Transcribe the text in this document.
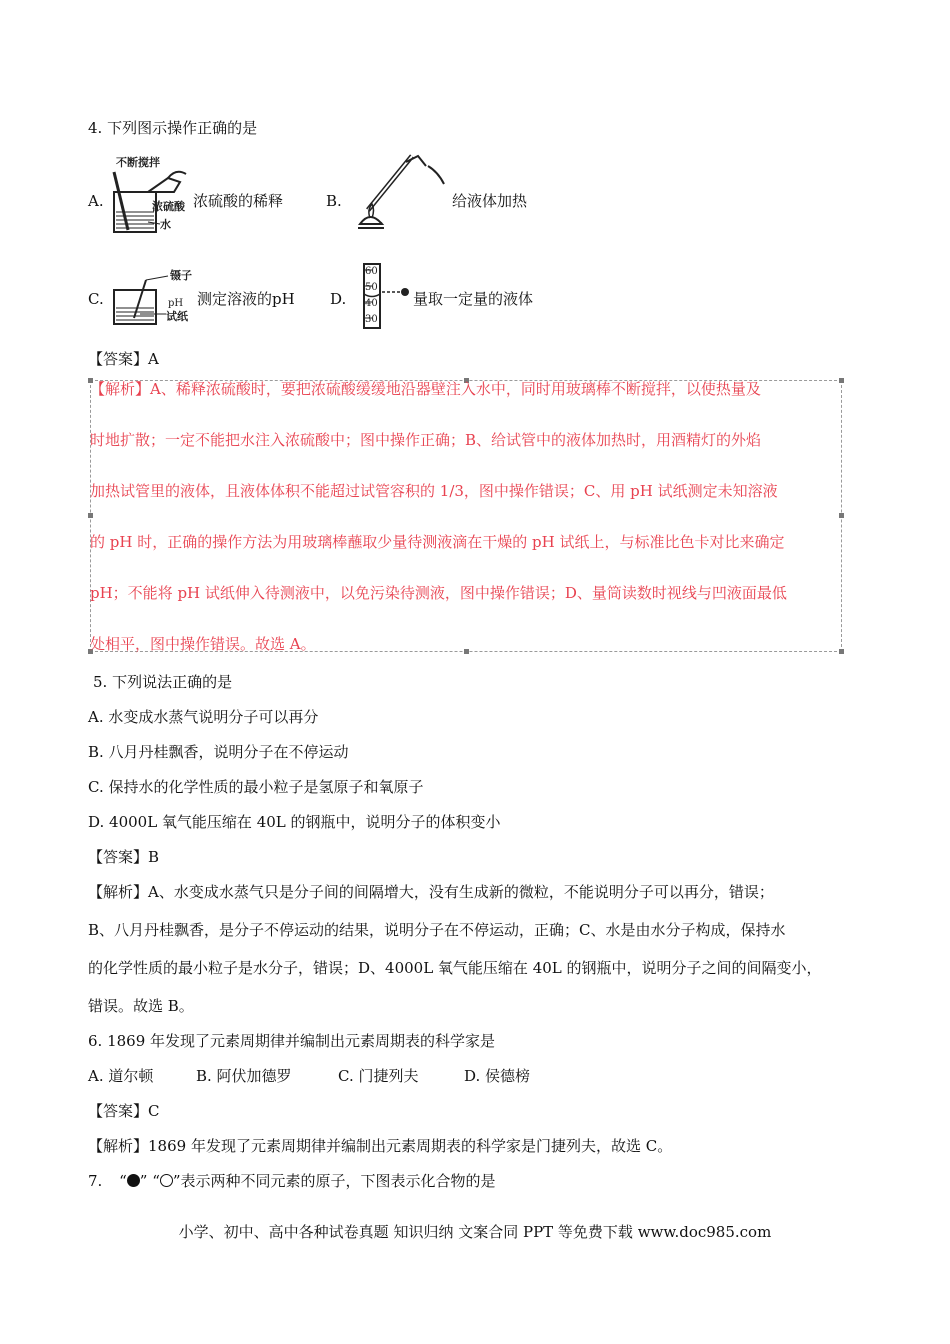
4. 下列图示操作正确的是
A.
不断搅拌
浓硫酸
水
浓硫酸的稀释	B.	给液体加热
C.
镊子
pH
试纸
测定溶液的pH D.
60
50
40
30
量取一定量的液体
【答案】A
【解析】A、稀释浓硫酸时，要把浓硫酸缓缓地沿器壁注入水中，同时用玻璃棒不断搅拌，以使热量及
时地扩散；一定不能把水注入浓硫酸中；图中操作正确；B、给试管中的液体加热时，用酒精灯的外焰
加热试管里的液体，且液体体积不能超过试管容积的 1/3，图中操作错误；C、用 pH 试纸测定未知溶液
的 pH 时，正确的操作方法为用玻璃棒蘸取少量待测液滴在干燥的 pH 试纸上，与标准比色卡对比来确定
pH；不能将 pH 试纸伸入待测液中，以免污染待测液，图中操作错误；D、量筒读数时视线与凹液面最低
处相平，图中操作错误。故选 A。
5. 下列说法正确的是
A. 水变成水蒸气说明分子可以再分
B. 八月丹桂飘香，说明分子在不停运动
C. 保持水的化学性质的最小粒子是氢原子和氧原子
D. 4000L 氧气能压缩在 40L 的钢瓶中，说明分子的体积变小
【答案】B
【解析】A、水变成水蒸气只是分子间的间隔增大，没有生成新的微粒，不能说明分子可以再分，错误；
B、八月丹桂飘香，是分子不停运动的结果，说明分子在不停运动，正确；C、水是由水分子构成，保持水
的化学性质的最小粒子是水分子，错误；D、4000L 氧气能压缩在 40L 的钢瓶中，说明分子之间的间隔变小，
错误。故选 B。
6. 1869 年发现了元素周期律并编制出元素周期表的科学家是
A. 道尔顿	B. 阿伏加德罗	C. 门捷列夫	D. 侯德榜
【答案】C
【解析】1869 年发现了元素周期律并编制出元素周期表的科学家是门捷列夫，故选 C。
7. “ ” “ ”表示两种不同元素的原子，下图表示化合物的是
小学、初中、高中各种试卷真题 知识归纳 文案合同 PPT 等免费下载 www.doc985.com
